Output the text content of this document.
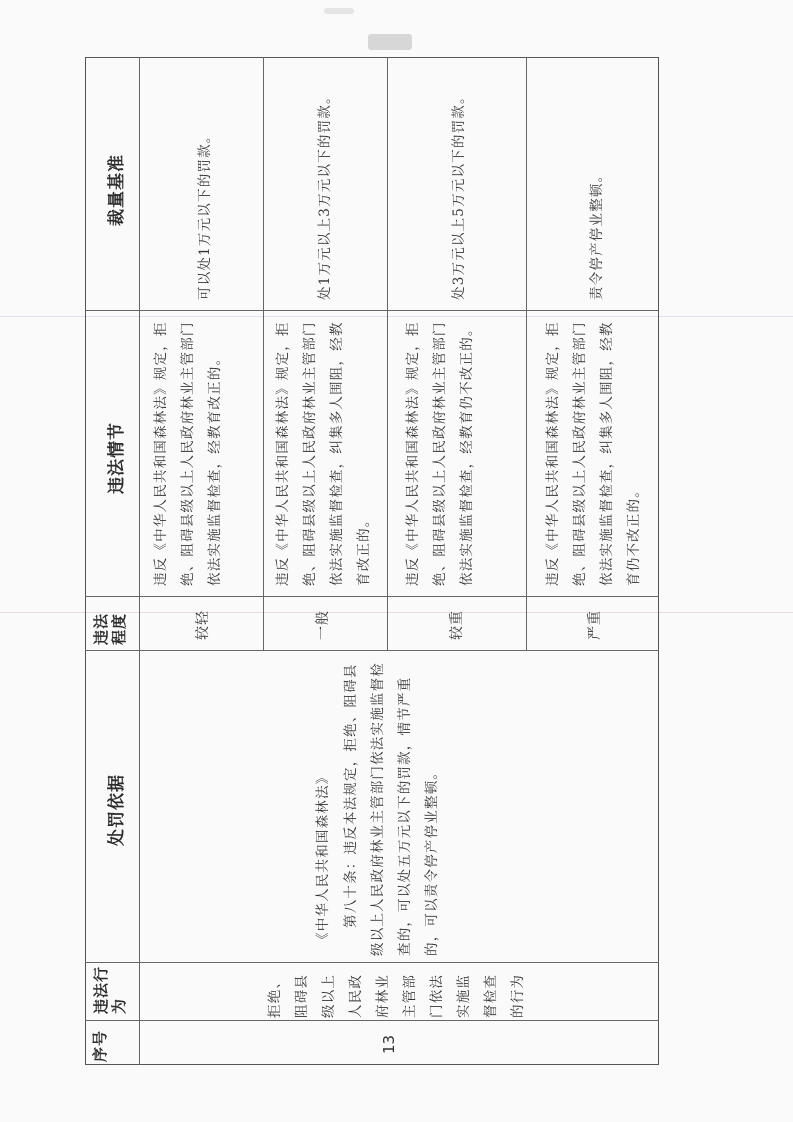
序号
违法行为
处罚依据
违法程度
违法情节
裁量基准
13
拒绝、阻碍县级以上人民政府林业主管部门依法实施监督检查的行为
《中华人民共和国森林法》 第八十条：违反本法规定，拒绝、阻碍县级以上人民政府林业主管部门依法实施监督检查的，可以处五万元以下的罚款，情节严重的，可以责令停产停业整顿。
较轻
违反《中华人民共和国森林法》规定，拒绝、阻碍县级以上人民政府林业主管部门依法实施监督检查，经教育改正的。
可以处1万元以下的罚款。
一般
违反《中华人民共和国森林法》规定，拒绝、阻碍县级以上人民政府林业主管部门依法实施监督检查，纠集多人围阻，经教育改正的。
处1万元以上3万元以下的罚款。
较重
违反《中华人民共和国森林法》规定，拒绝、阻碍县级以上人民政府林业主管部门依法实施监督检查，经教育仍不改正的。
处3万元以上5万元以下的罚款。
严重
违反《中华人民共和国森林法》规定，拒绝、阻碍县级以上人民政府林业主管部门依法实施监督检查，纠集多人围阻，经教育仍不改正的。
责令停产停业整顿。
